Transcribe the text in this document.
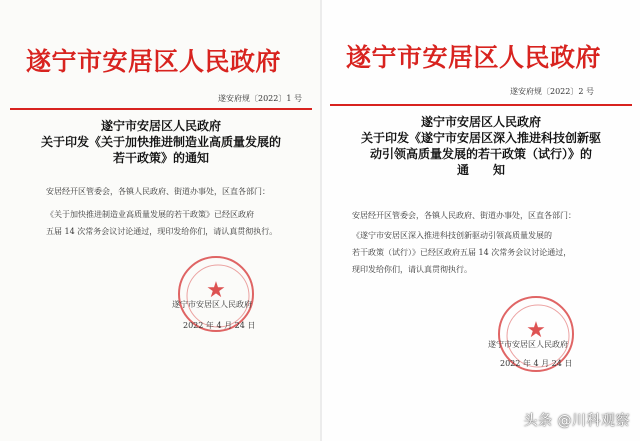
遂宁市安居区人民政府
遂安府规〔2022〕1 号
遂宁市安居区人民政府
关于印发《关于加快推进制造业高质量发展的
若干政策》的通知
安居经开区管委会，各镇人民政府、街道办事处，区直各部门：
《关于加快推进制造业高质量发展的若干政策》已经区政府
五届 14 次常务会议讨论通过，现印发给你们，请认真贯彻执行。
★
遂宁市安居区人民政府
2022 年 4 月 24 日
遂宁市安居区人民政府
遂安府规〔2022〕2 号
遂宁市安居区人民政府
关于印发《遂宁市安居区深入推进科技创新驱
动引领高质量发展的若干政策（试行）》的
通　　知
安居经开区管委会，各镇人民政府、街道办事处，区直各部门：
《遂宁市安居区深入推进科技创新驱动引领高质量发展的
若干政策（试行）》已经区政府五届 14 次常务会议讨论通过，
现印发给你们，请认真贯彻执行。
★
遂宁市安居区人民政府
2022 年 4 月 24 日
头条 @川科观察
